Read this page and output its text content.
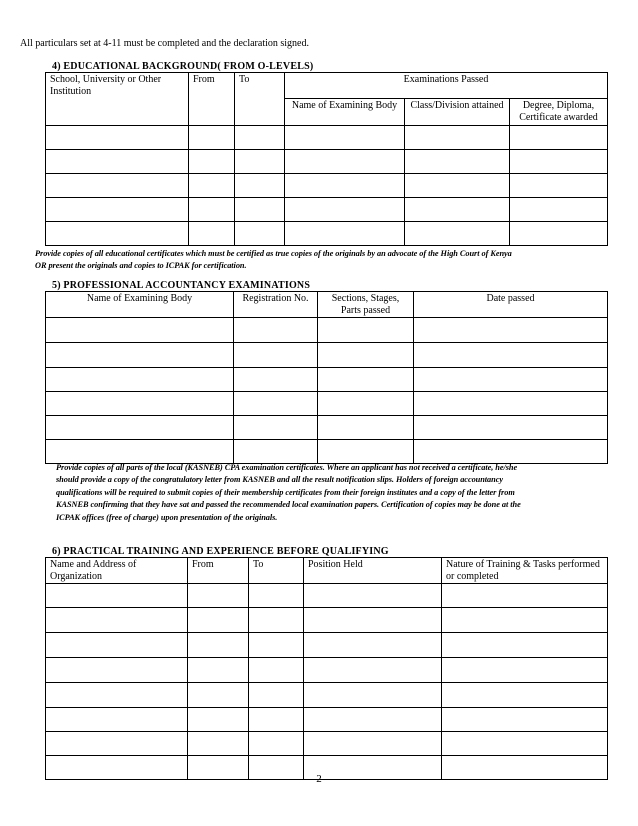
All particulars set at 4-11 must be completed and the declaration signed.
4) EDUCATIONAL BACKGROUND( FROM O-LEVELS)
School, University or Other Institution	From	To	Examinations Passed		
			Name of Examining Body	Class/Division attained	Degree, Diploma, Certificate awarded

Provide copies of all educational certificates which must be certified as true copies of the originals by an advocate of the High Court of Kenya
OR present the originals and copies to ICPAK for certification.
5) PROFESSIONAL ACCOUNTANCY EXAMINATIONS
Name of Examining Body	Registration No.	Sections, Stages, Parts passed	Date passed

Provide copies of all parts of the local (KASNEB) CPA examination certificates. Where an applicant has not received a certificate, he/she
should provide a copy of the congratulatory letter from KASNEB and all the result notification slips. Holders of foreign accountancy
qualifications will be required to submit copies of their membership certificates from their foreign institutes and a copy of the letter from
KASNEB confirming that they have sat and passed the recommended local examination papers. Certification of copies may be done at the
ICPAK offices (free of charge) upon presentation of the originals.
6) PRACTICAL TRAINING AND EXPERIENCE BEFORE QUALIFYING
Name and Address of Organization	From	To	Position Held	Nature of Training & Tasks performed or completed

2
